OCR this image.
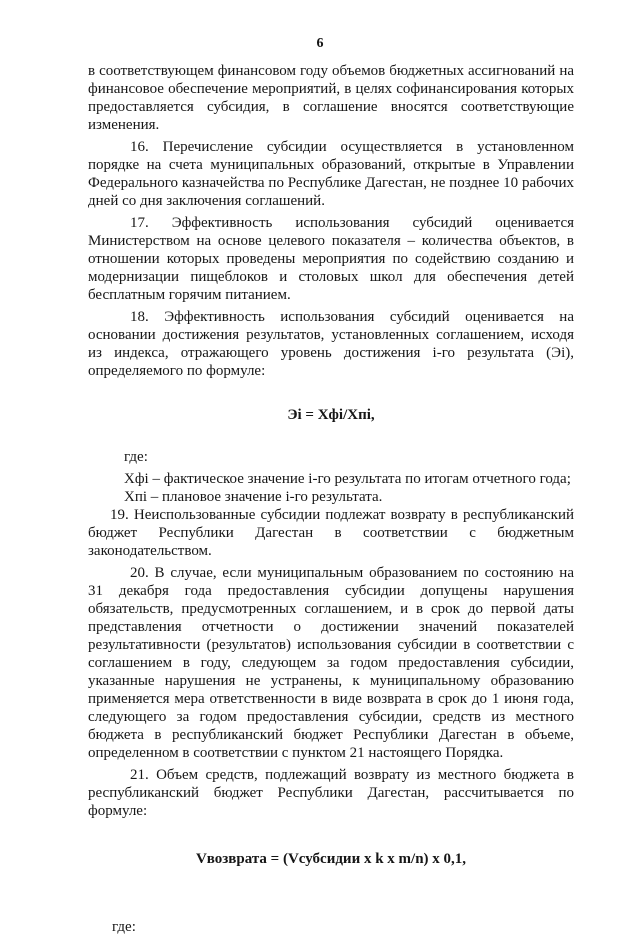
6

в соответствующем финансовом году объемов бюджетных ассигнований на финансовое обеспечение мероприятий, в целях софинансирования которых предоставляется субсидия, в соглашение вносятся соответствующие изменения.

16. Перечисление субсидии осуществляется в установленном порядке на счета муниципальных образований, открытые в Управлении Федерального казначейства по Республике Дагестан, не позднее 10 рабочих дней со дня заключения соглашений.

17. Эффективность использования субсидий оценивается Министерством на основе целевого показателя – количества объектов, в отношении которых проведены мероприятия по содействию созданию и модернизации пищеблоков и столовых школ для обеспечения детей бесплатным горячим питанием.

18. Эффективность использования субсидий оценивается на основании достижения результатов, установленных соглашением, исходя из индекса, отражающего уровень достижения i-го результата (Эi), определяемого по формуле:

Эi = Хфi/Хпi,

где:

Хфi – фактическое значение i-го результата по итогам отчетного года;

Хпi – плановое значение i-го результата.

19. Неиспользованные субсидии подлежат возврату в республиканский бюджет Республики Дагестан в соответствии с бюджетным законодательством.

20. В случае, если муниципальным образованием по состоянию на 31 декабря года предоставления субсидии допущены нарушения обязательств, предусмотренных соглашением, и в срок до первой даты представления отчетности о достижении значений показателей результативности (результатов) использования субсидии в соответствии с соглашением в году, следующем за годом предоставления субсидии, указанные нарушения не устранены, к муниципальному образованию применяется мера ответственности в виде возврата в срок до 1 июня года, следующего за годом предоставления субсидии, средств из местного бюджета в республиканский бюджет Республики Дагестан в объеме, определенном в соответствии с пунктом 21 настоящего Порядка.

21. Объем средств, подлежащий возврату из местного бюджета в республиканский бюджет Республики Дагестан, рассчитывается по формуле:

Vвозврата = (Vсубсидии х k х m/n) х 0,1,

где:
